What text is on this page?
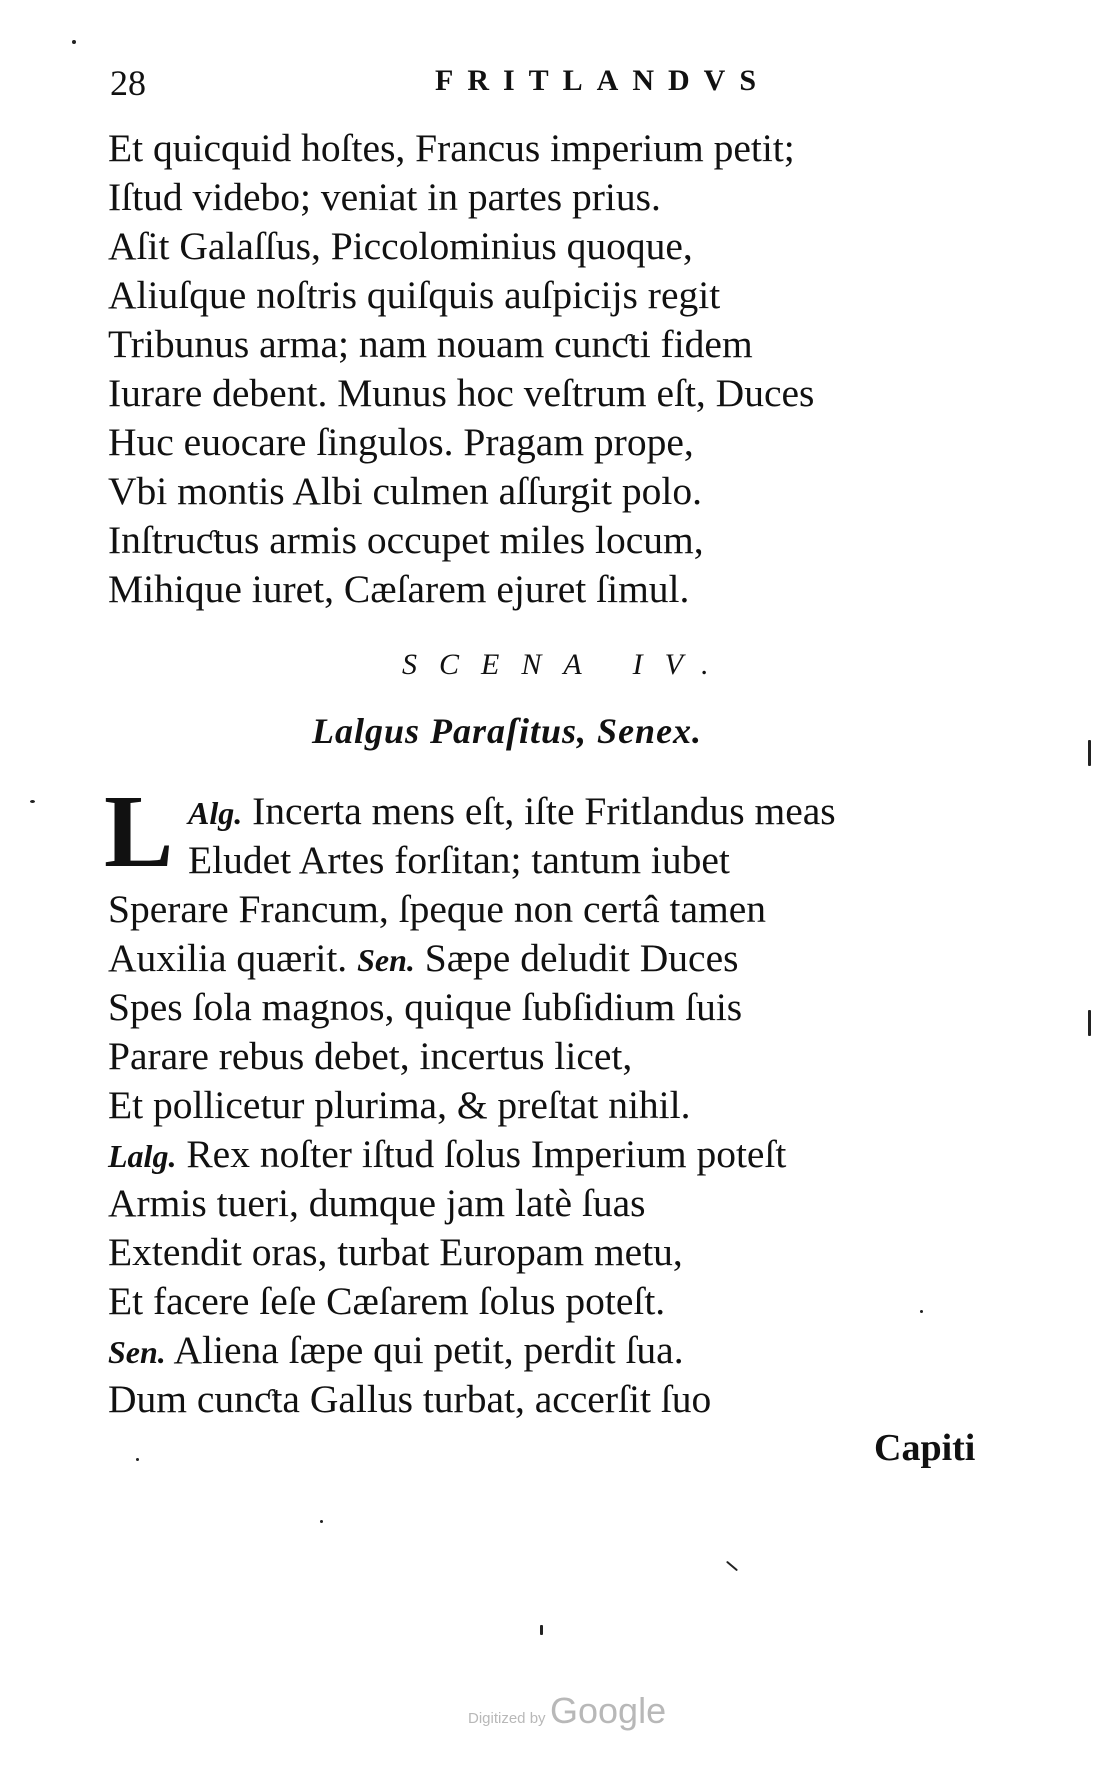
28	FRITLANDVS
Et quicquid hoſtes, Francus imperium petit;
Iſtud videbo; veniat in partes prius.
Aſit Galaſſus, Piccolominius quoque,
Aliuſque noſtris quiſquis auſpicijs regit
Tribunus arma; nam nouam cunƈti fidem
Iurare debent. Munus hoc veſtrum eſt, Duces
Huc euocare ſingulos. Pragam prope,
Vbi montis Albi culmen aſſurgit polo.
Inſtruƈtus armis occupet miles locum,
Mihique iuret, Cæſarem ejuret ſimul.
SCENA IV.
Lalgus Paraſitus, Senex.
L Alg. Incerta mens eſt, iſte Fritlandus meas
Eludet Artes forſitan; tantum iubet
Sperare Francum, ſpeque non certâ tamen
Auxilia quærit. Sen. Sæpe deludit Duces
Spes ſola magnos, quique ſubſidium ſuis
Parare rebus debet, incertus licet,
Et pollicetur plurima, & preſtat nihil.
Lalg. Rex noſter iſtud ſolus Imperium poteſt
Armis tueri, dumque jam latè ſuas
Extendit oras, turbat Europam metu,
Et facere ſeſe Cæſarem ſolus poteſt.
Sen. Aliena ſæpe qui petit, perdit ſua.
Dum cunƈta Gallus turbat, accerſit ſuo
Capiti
Digitized by Google
